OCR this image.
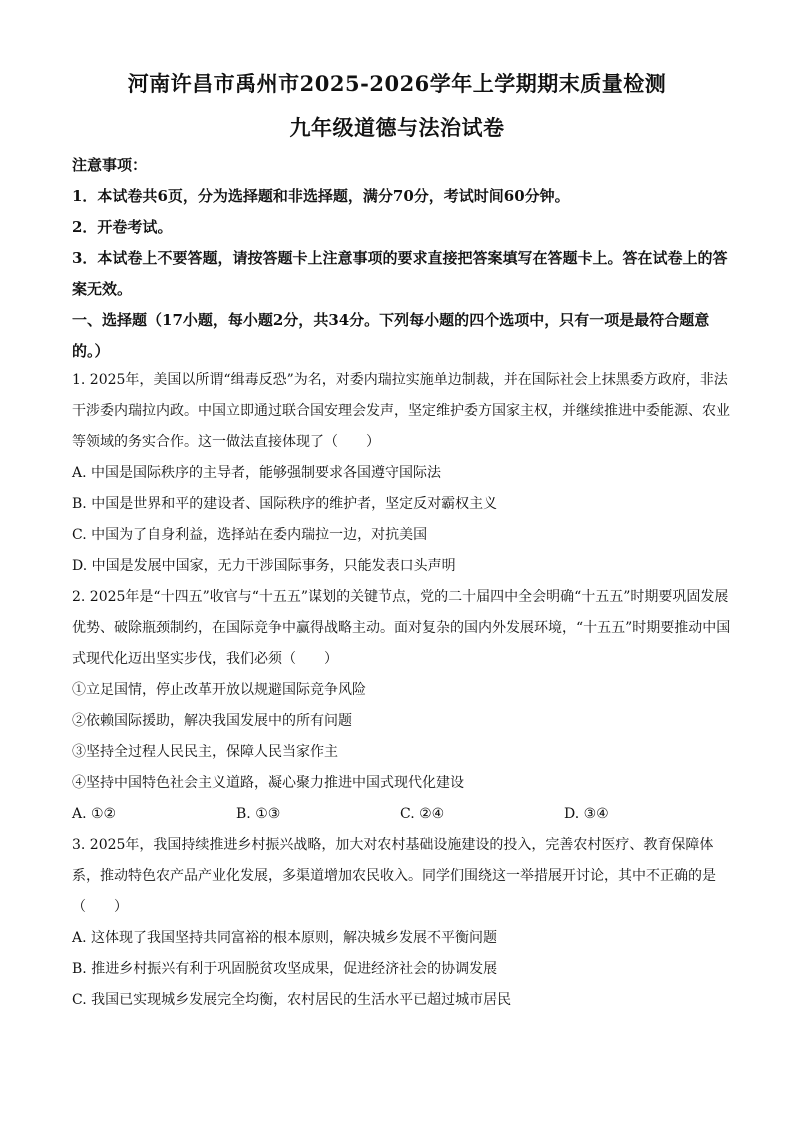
河南许昌市禹州市2025-2026学年上学期期末质量检测
九年级道德与法治试卷

注意事项：

1．本试卷共6页，分为选择题和非选择题，满分70分，考试时间60分钟。

2．开卷考试。

3．本试卷上不要答题，请按答题卡上注意事项的要求直接把答案填写在答题卡上。答在试卷上的答案无效。

一、选择题（17小题，每小题2分，共34分。下列每小题的四个选项中，只有一项是最符合题意的。）

1. 2025年，美国以所谓“缉毒反恐”为名，对委内瑞拉实施单边制裁，并在国际社会上抹黑委方政府，非法干涉委内瑞拉内政。中国立即通过联合国安理会发声，坚定维护委方国家主权，并继续推进中委能源、农业等领域的务实合作。这一做法直接体现了（　　）

A. 中国是国际秩序的主导者，能够强制要求各国遵守国际法
B. 中国是世界和平的建设者、国际秩序的维护者，坚定反对霸权主义
C. 中国为了自身利益，选择站在委内瑞拉一边，对抗美国
D. 中国是发展中国家，无力干涉国际事务，只能发表口头声明

2. 2025年是“十四五”收官与“十五五”谋划的关键节点，党的二十届四中全会明确“十五五”时期要巩固发展优势、破除瓶颈制约，在国际竞争中赢得战略主动。面对复杂的国内外发展环境，“十五五”时期要推动中国式现代化迈出坚实步伐，我们必须（　　）

①立足国情，停止改革开放以规避国际竞争风险
②依赖国际援助，解决我国发展中的所有问题
③坚持全过程人民民主，保障人民当家作主
④坚持中国特色社会主义道路，凝心聚力推进中国式现代化建设
A. ①②	B. ①③	C. ②④	D. ③④

3. 2025年，我国持续推进乡村振兴战略，加大对农村基础设施建设的投入，完善农村医疗、教育保障体系，推动特色农产品产业化发展，多渠道增加农民收入。同学们围绕这一举措展开讨论，其中不正确的是（　　）

A. 这体现了我国坚持共同富裕的根本原则，解决城乡发展不平衡问题
B. 推进乡村振兴有利于巩固脱贫攻坚成果，促进经济社会的协调发展
C. 我国已实现城乡发展完全均衡，农村居民的生活水平已超过城市居民
